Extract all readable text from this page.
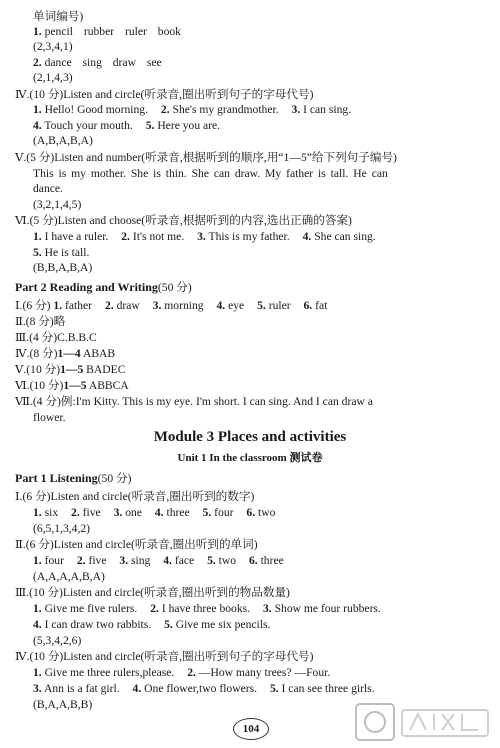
单词编号)
1. pencil rubber ruler book
(2,3,4,1)
2. dance sing draw see
(2,1,4,3)
Ⅳ.(10 分)Listen and circle(听录音,圈出听到句子的字母代号)
1. Hello! Good morning. 2. She's my grandmother. 3. I can sing.
4. Touch your mouth. 5. Here you are.
(A,B,A,B,A)
Ⅴ.(5 分)Listen and number(听录音,根据听到的顺序,用“1—5”给下列句子编号)
This is my mother. She is thin. She can draw. My father is tall. He can
dance.
(3,2,1,4,5)
Ⅵ.(5 分)Listen and choose(听录音,根据听到的内容,选出正确的答案)
1. I have a ruler. 2. It's not me. 3. This is my father. 4. She can sing.
5. He is tall.
(B,B,A,B,A)
Part 2 Reading and Writing(50 分)
Ⅰ.(6 分) 1. father 2. draw 3. morning 4. eye 5. ruler 6. fat
Ⅱ.(8 分)略
Ⅲ.(4 分)C.B.B.C
Ⅳ.(8 分)1—4 ABAB
Ⅴ.(10 分)1—5 BADEC
Ⅵ.(10 分)1—5 ABBCA
Ⅶ.(4 分)例:I'm Kitty. This is my eye. I'm short. I can sing. And I can draw a
flower.
Module 3 Places and activities
Unit 1 In the classroom 测试卷
Part 1 Listening(50 分)
Ⅰ.(6 分)Listen and circle(听录音,圈出听到的数字)
1. six 2. five 3. one 4. three 5. four 6. two
(6,5,1,3,4,2)
Ⅱ.(6 分)Listen and circle(听录音,圈出听到的单词)
1. four 2. five 3. sing 4. face 5. two 6. three
(A,A,A,A,B,A)
Ⅲ.(10 分)Listen and circle(听录音,圈出听到的物品数量)
1. Give me five rulers. 2. I have three books. 3. Show me four rubbers.
4. I can draw two rabbits. 5. Give me six pencils.
(5,3,4,2,6)
Ⅳ.(10 分)Listen and circle(听录音,圈出听到句子的字母代号)
1. Give me three rulers,please. 2. —How many trees? —Four.
3. Ann is a fat girl. 4. One flower,two flowers. 5. I can see three girls.
(B,A,A,B,B)
104
